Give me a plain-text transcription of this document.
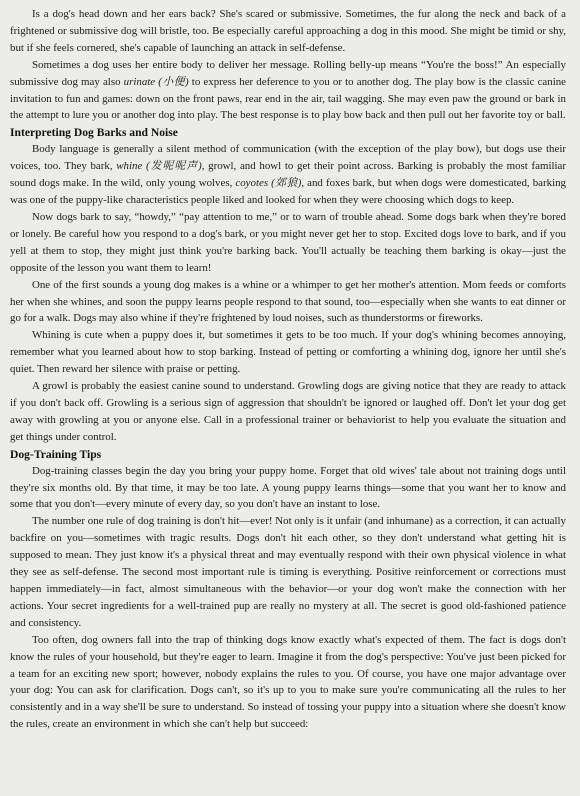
Is a dog's head down and her ears back? She's scared or submissive. Sometimes, the fur along the neck and back of a frightened or submissive dog will bristle, too. Be especially careful approaching a dog in this mood. She might be timid or shy, but if she feels cornered, she's capable of launching an attack in self-defense.

Sometimes a dog uses her entire body to deliver her message. Rolling belly-up means “You're the boss!” An especially submissive dog may also urinate (小便) to express her deference to you or to another dog. The play bow is the classic canine invitation to fun and games: down on the front paws, rear end in the air, tail wagging. She may even paw the ground or bark in the attempt to lure you or another dog into play. The best response is to play bow back and then pull out her favorite toy or ball.

Interpreting Dog Barks and Noise

Body language is generally a silent method of communication (with the exception of the play bow), but dogs use their voices, too. They bark, whine (发呢呢声), growl, and howl to get their point across. Barking is probably the most familiar sound dogs make. In the wild, only young wolves, coyotes (郊狼), and foxes bark, but when dogs were domesticated, barking was one of the puppy-like characteristics people liked and looked for when they were choosing which dogs to keep.

Now dogs bark to say, “howdy,” “pay attention to me,” or to warn of trouble ahead. Some dogs bark when they're bored or lonely. Be careful how you respond to a dog's bark, or you might never get her to stop. Excited dogs love to bark, and if you yell at them to stop, they might just think you're barking back. You'll actually be teaching them barking is okay—just the opposite of the lesson you want them to learn!

One of the first sounds a young dog makes is a whine or a whimper to get her mother's attention. Mom feeds or comforts her when she whines, and soon the puppy learns people respond to that sound, too—especially when she wants to eat dinner or go for a walk. Dogs may also whine if they're frightened by loud noises, such as thunderstorms or fireworks.

Whining is cute when a puppy does it, but sometimes it gets to be too much. If your dog's whining becomes annoying, remember what you learned about how to stop barking. Instead of petting or comforting a whining dog, ignore her until she's quiet. Then reward her silence with praise or petting.

A growl is probably the easiest canine sound to understand. Growling dogs are giving notice that they are ready to attack if you don't back off. Growling is a serious sign of aggression that shouldn't be ignored or laughed off. Don't let your dog get away with growling at you or anyone else. Call in a professional trainer or behaviorist to help you evaluate the situation and get things under control.

Dog-Training Tips

Dog-training classes begin the day you bring your puppy home. Forget that old wives' tale about not training dogs until they're six months old. By that time, it may be too late. A young puppy learns things—some that you want her to know and some that you don't—every minute of every day, so you don't have an instant to lose.

The number one rule of dog training is don't hit—ever! Not only is it unfair (and inhumane) as a correction, it can actually backfire on you—sometimes with tragic results. Dogs don't hit each other, so they don't understand what getting hit is supposed to mean. They just know it's a physical threat and may eventually respond with their own physical violence in what they see as self-defense. The second most important rule is timing is everything. Positive reinforcement or corrections must happen immediately—in fact, almost simultaneous with the behavior—or your dog won't make the connection with her actions. Your secret ingredients for a well-trained pup are really no mystery at all. The secret is good old-fashioned patience and consistency.

Too often, dog owners fall into the trap of thinking dogs know exactly what's expected of them. The fact is dogs don't know the rules of your household, but they're eager to learn. Imagine it from the dog's perspective: You've just been picked for a team for an exciting new sport; however, nobody explains the rules to you. Of course, you have one major advantage over your dog: You can ask for clarification. Dogs can't, so it's up to you to make sure you're communicating all the rules to her consistently and in a way she'll be sure to understand. So instead of tossing your puppy into a situation where she doesn't know the rules, create an environment in which she can't help but succeed:
